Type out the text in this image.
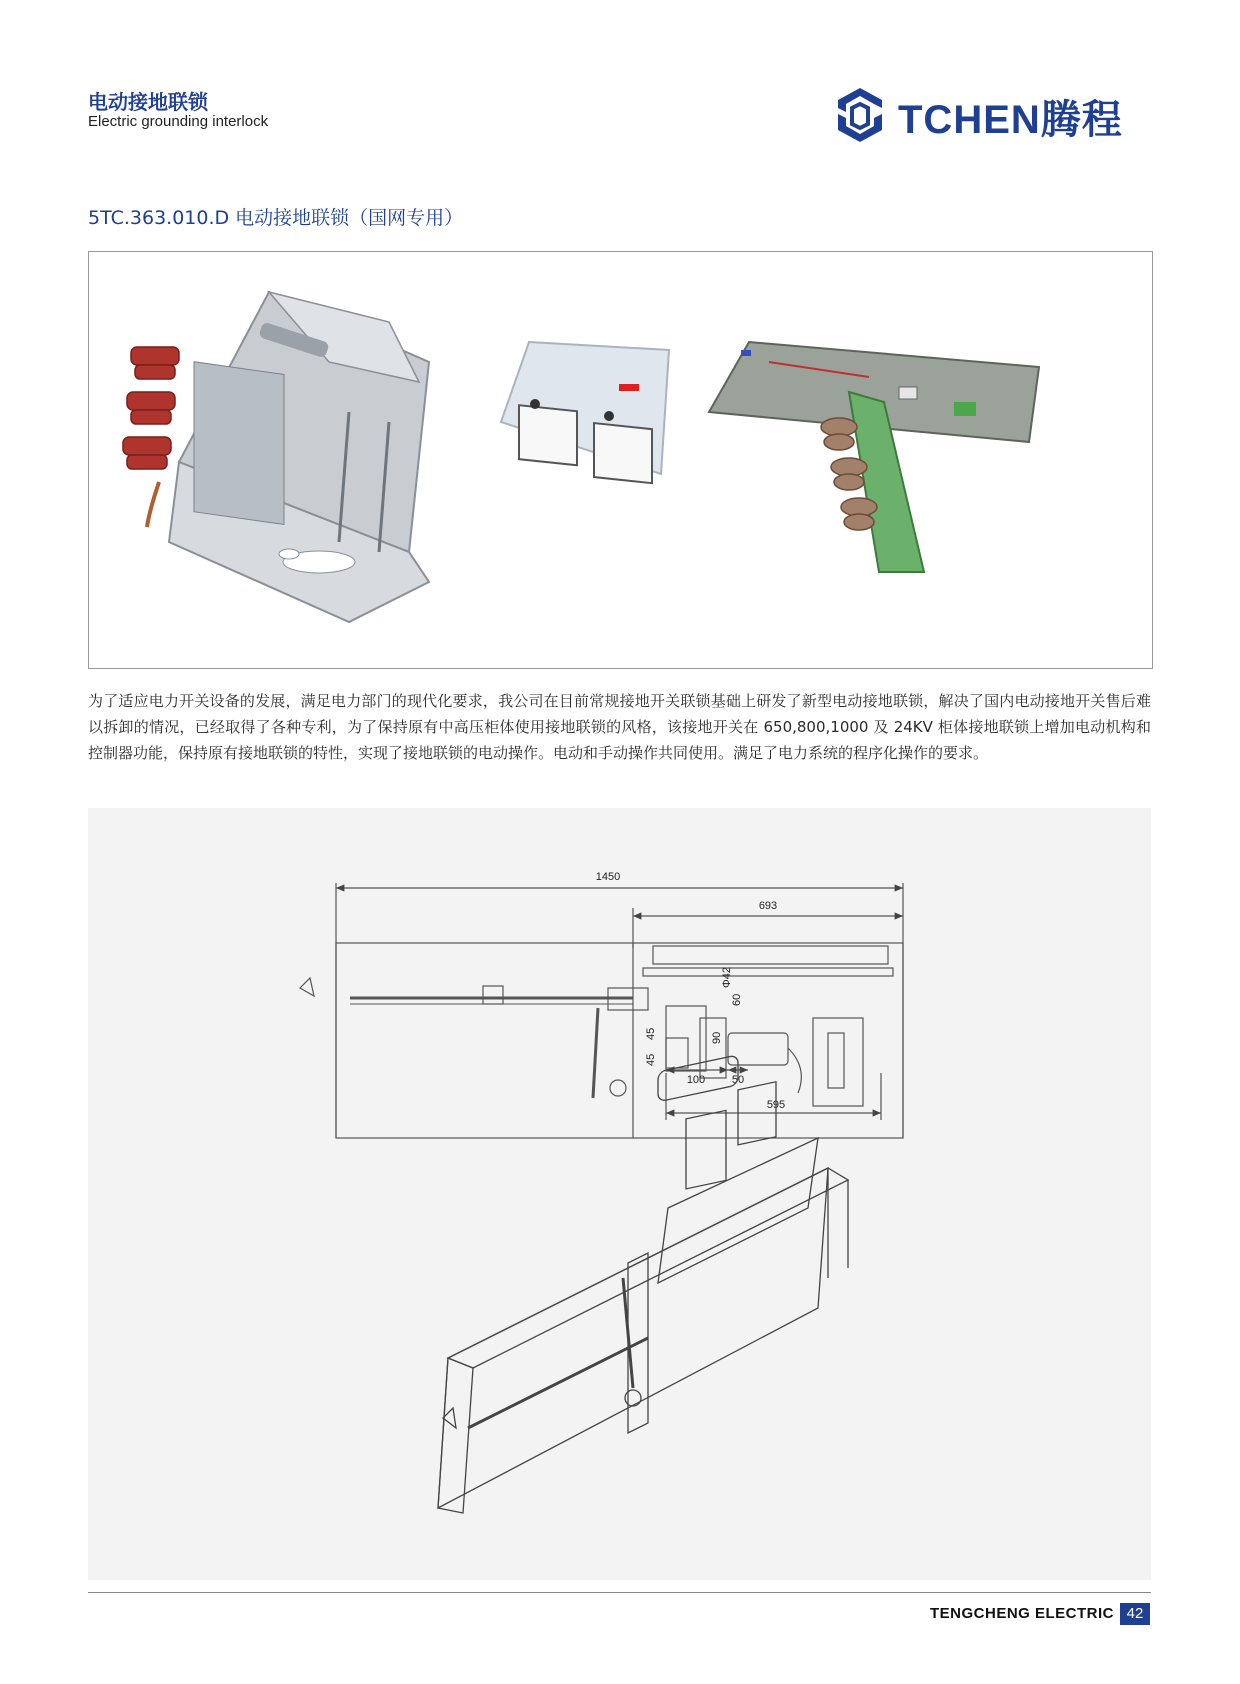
电动接地联锁
Electric grounding interlock	TCHEN腾程
5TC.363.010.D 电动接地联锁（国网专用）

为了适应电力开关设备的发展，满足电力部门的现代化要求，我公司在目前常规接地开关联锁基础上研发了新型电动接地联锁，解决了国内电动接地开关售后难以拆卸的情况，已经取得了各种专利，为了保持原有中高压柜体使用接地联锁的风格，该接地开关在 650,800,1000 及 24KV 柜体接地联锁上增加电动机构和控制器功能，保持原有接地联锁的特性，实现了接地联锁的电动操作。电动和手动操作共同使用。满足了电力系统的程序化操作的要求。

1450
693
595
100 50
45
45
60
90
Φ42
TENGCHENG ELECTRIC 42
